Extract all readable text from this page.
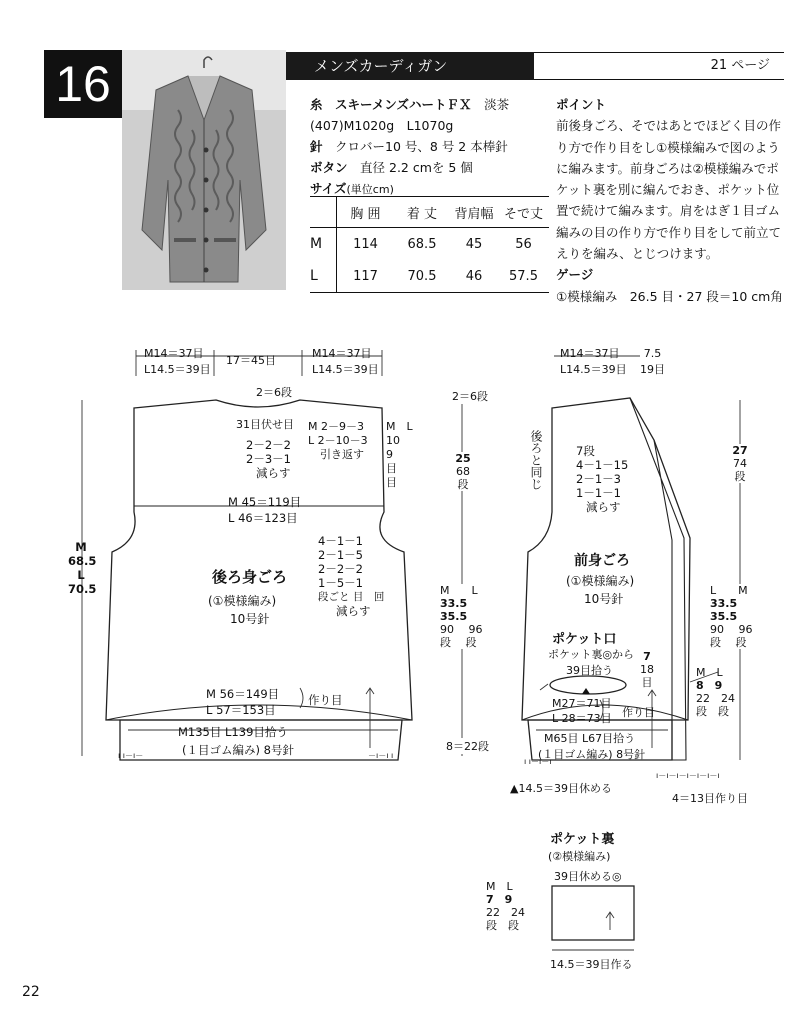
16	メンズカーディガン	21 ページ
糸　 スキーメンズハートＦＸ　 淡茶
(407)M1020g　L1070g
針　 クロバー10 号、8 号 2 本棒針
ボタン　 直径 2.2 cmを 5 個
サイズ(単位cm)
	胸 囲	着 丈	背肩幅	そで丈
M	114	68.5	45	56
L	117	70.5	46	57.5
ポイント
前後身ごろ、そではあとでほどく目の作
り方で作り目をし①模様編みで図のよう
に編みます。前身ごろは②模様編みでポ
ケット裏を別に編んでおき、ポケット位
置で続けて編みます。肩をはぎ１目ゴム
編みの目の作り方で作り目をして前立て
えりを編み、とじつけます。
ゲージ
①模様編み　26.5 目・27 段＝10 cm角
M14＝37目
L14.5＝39目
17＝45目
M14＝37目
L14.5＝39目
2＝6段
31目伏せ目
2－2－2
2－3－1
減らす
M 2－9－3
L 2－10－3
引き返す
M　 L
10　9
目　目
M 45＝119目
L 46＝123目
4－1－1
2－1－5
2－2－2
1－5－1
段ごと 目　回
減らす
後ろ身ごろ
(①模様編み)
10号針
M
68.5
L
70.5
M 56＝149目
L 57＝153目
作り目
M135目 L139目拾う
(１目ゴム編み) 8号針
ı ı－ı－	－ı－ı ı
2＝6段
25
68
段
M　　 L
33.5 35.5
90　 96
段　 段
8＝22段
M14＝37目
L14.5＝39目
7.5
19目
後ろと同じ	7段
4－1－15
2－1－3
1－1－1
減らす
27
74
段
前身ごろ
(①模様編み)
10号針
L　　 M
33.5 35.5
90　 96
段　 段
ポケット口
ポケット裏◎から
39目拾う
7
18
目
M　 L
8　 9
22　 24
段　 段
M27＝71目
L 28＝73目 作り目
M65目 L67目拾う
(１目ゴム編み) 8号針
ı ı－ı－ı
▲14.5＝39目休める
ı－ı－ı－ı－ı－ı－ı
4＝13目作り目
ポケット裏
(②模様編み)
39目休める◎
M　 L
7　 9
22　 24
段　 段
14.5＝39目作る
22
